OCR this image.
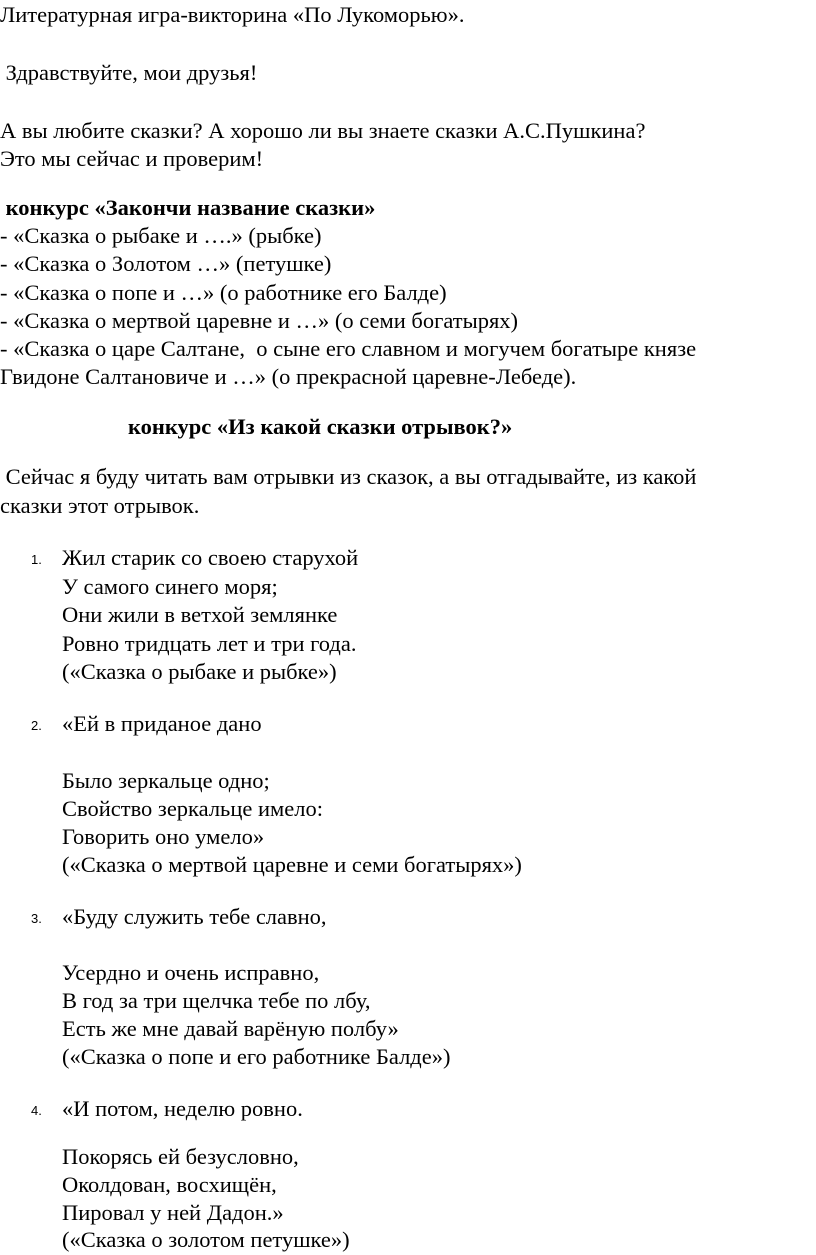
Литературная игра-викторина «По Лукоморью».
Здравствуйте, мои друзья!
А вы любите сказки? А хорошо ли вы знаете сказки А.С.Пушкина?
Это мы сейчас и проверим!
конкурс «Закончи название сказки»
- «Сказка о рыбаке и ….» (рыбке)
- «Сказка о Золотом …» (петушке)
- «Сказка о попе и …» (о работнике его Балде)
- «Сказка о мертвой царевне и …» (о семи богатырях)
- «Сказка о царе Салтане,  о сыне его славном и могучем богатыре князе
Гвидоне Салтановиче и …» (о прекрасной царевне-Лебеде).
конкурс «Из какой сказки отрывок?»
Сейчас я буду читать вам отрывки из сказок, а вы отгадывайте, из какой
сказки этот отрывок.
1. Жил старик со своею старухой
У самого синего моря;
Они жили в ветхой землянке
Ровно тридцать лет и три года.
(«Сказка о рыбаке и рыбке»)
2. «Ей в приданое дано
Было зеркальце одно;
Свойство зеркальце имело:
Говорить оно умело»
(«Сказка о мертвой царевне и семи богатырях»)
3. «Буду служить тебе славно,
Усердно и очень исправно,
В год за три щелчка тебе по лбу,
Есть же мне давай варёную полбу»
(«Сказка о попе и его работнике Балде»)
4. «И потом, неделю ровно.
Покорясь ей безусловно,
Околдован, восхищён,
Пировал у ней Дадон.»
(«Сказка о золотом петушке»)
